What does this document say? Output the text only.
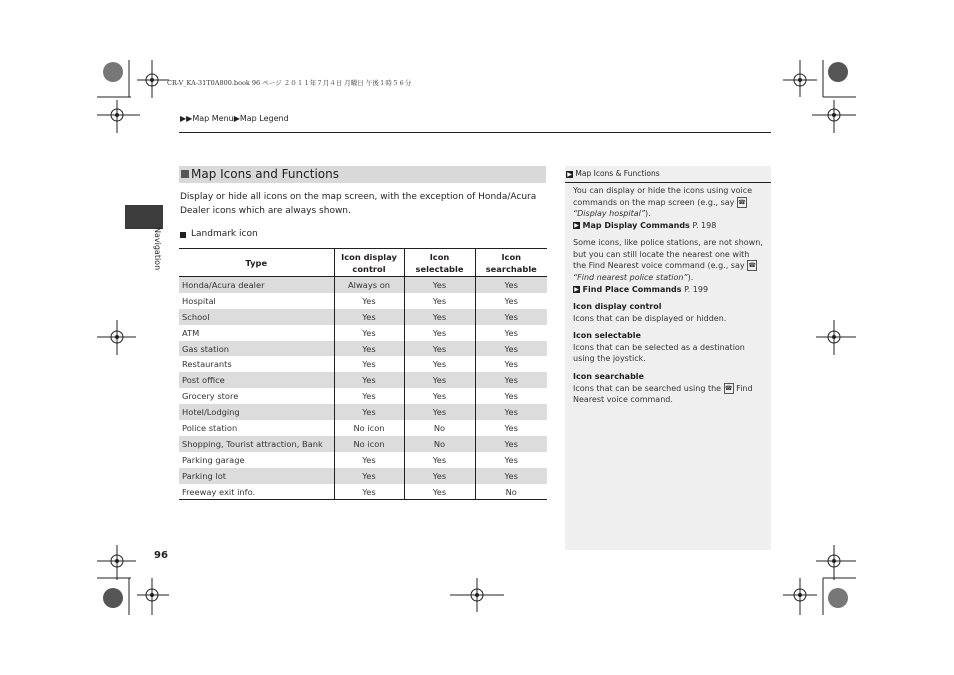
CR-V_KA-31T0A800.book 96 ページ ２０１１年７月４日 月曜日 午後１時５６分
▶▶Map Menu▶Map Legend
Navigation
Map Icons and Functions
Display or hide all icons on the map screen, with the exception of Honda/Acura Dealer icons which are always shown.
Landmark icon
Type	Icon display control	Icon selectable	Icon searchable
Honda/Acura dealer	Always on	Yes	Yes
Hospital	Yes	Yes	Yes
School	Yes	Yes	Yes
ATM	Yes	Yes	Yes
Gas station	Yes	Yes	Yes
Restaurants	Yes	Yes	Yes
Post office	Yes	Yes	Yes
Grocery store	Yes	Yes	Yes
Hotel/Lodging	Yes	Yes	Yes
Police station	No icon	No	Yes
Shopping, Tourist attraction, Bank	No icon	No	Yes
Parking garage	Yes	Yes	Yes
Parking lot	Yes	Yes	Yes
Freeway exit info.	Yes	Yes	No
▶ Map Icons & Functions
You can display or hide the icons using voice commands on the map screen (e.g., say ☎ “Display hospital”).
▶ Map Display Commands P. 198
Some icons, like police stations, are not shown, but you can still locate the nearest one with the Find Nearest voice command (e.g., say ☎ “Find nearest police station”).
▶ Find Place Commands P. 199
Icon display control
Icons that can be displayed or hidden.
Icon selectable
Icons that can be selected as a destination using the joystick.
Icon searchable
Icons that can be searched using the ☎ Find Nearest voice command.
96
